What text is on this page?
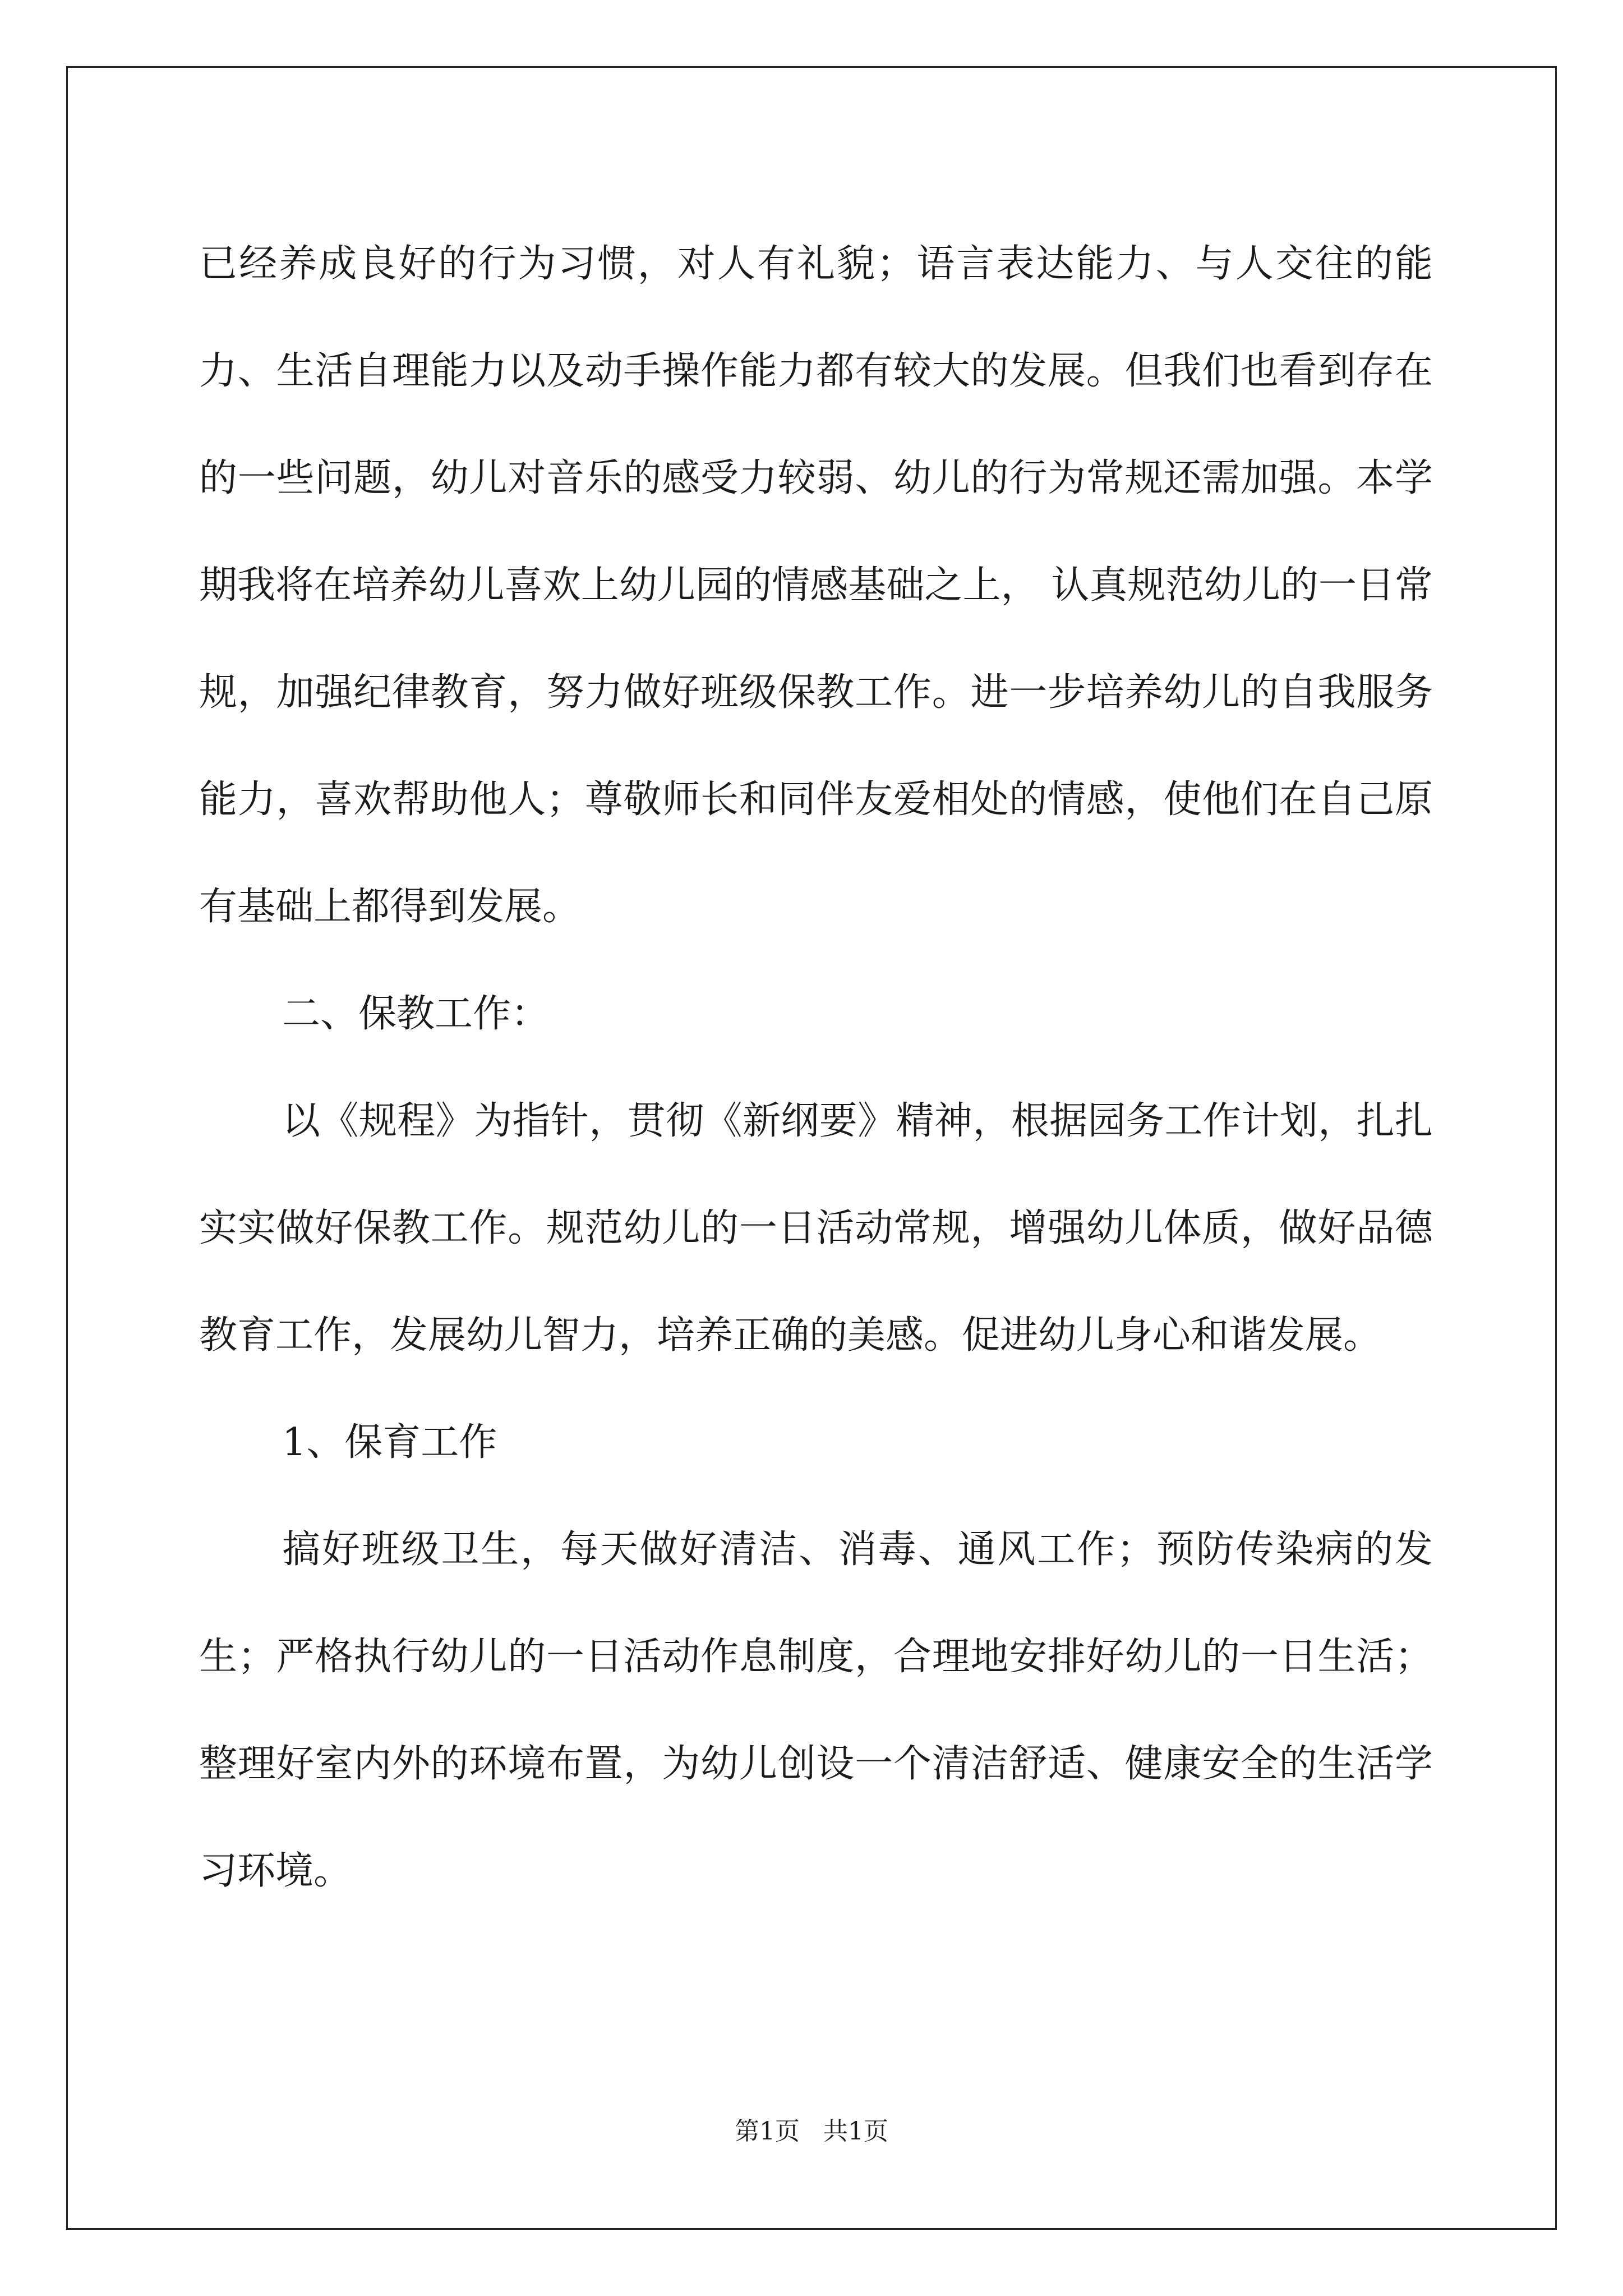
已经养成良好的行为习惯，对人有礼貌；语言表达能力、与人交往的能力、生活自理能力以及动手操作能力都有较大的发展。但我们也看到存在的一些问题，幼儿对音乐的感受力较弱、幼儿的行为常规还需加强。本学期我将在培养幼儿喜欢上幼儿园的情感基础之上， 认真规范幼儿的一日常规，加强纪律教育，努力做好班级保教工作。进一步培养幼儿的自我服务能力，喜欢帮助他人；尊敬师长和同伴友爱相处的情感，使他们在自己原有基础上都得到发展。

二、保教工作：

以《规程》为指针，贯彻《新纲要》精神，根据园务工作计划，扎扎实实做好保教工作。规范幼儿的一日活动常规，增强幼儿体质，做好品德教育工作，发展幼儿智力，培养正确的美感。促进幼儿身心和谐发展。

1、保育工作

搞好班级卫生，每天做好清洁、消毒、通风工作；预防传染病的发生；严格执行幼儿的一日活动作息制度，合理地安排好幼儿的一日生活；整理好室内外的环境布置，为幼儿创设一个清洁舒适、健康安全的生活学习环境。

第1页   共1页
